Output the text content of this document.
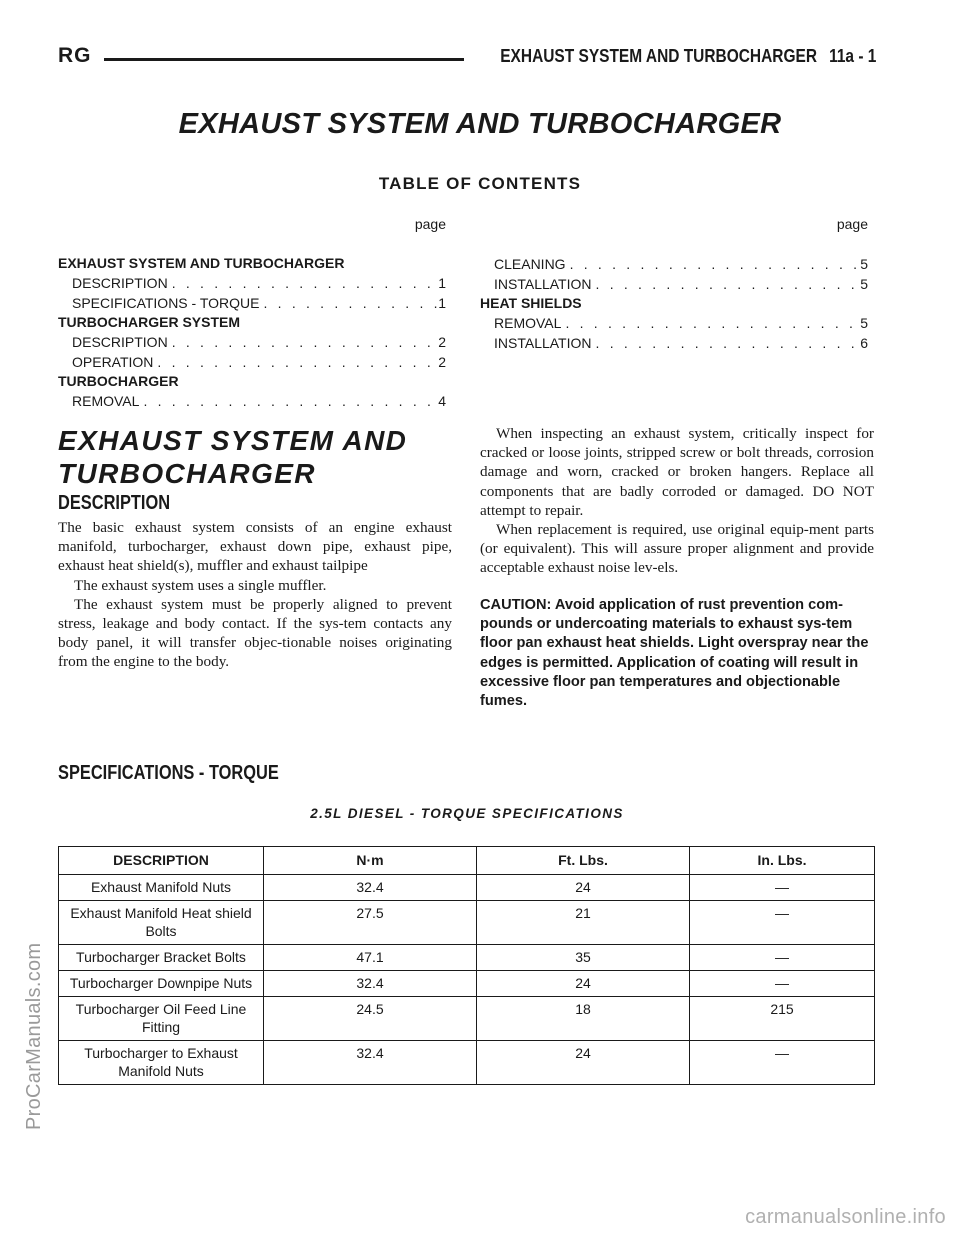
RG	EXHAUST SYSTEM AND TURBOCHARGER 11a - 1
EXHAUST SYSTEM AND TURBOCHARGER
TABLE OF CONTENTS
page
EXHAUST SYSTEM AND TURBOCHARGER
DESCRIPTION . . .	1
SPECIFICATIONS - TORQUE . . .	1
TURBOCHARGER SYSTEM
DESCRIPTION . . .	2
OPERATION . . .	2
TURBOCHARGER
REMOVAL . . .	4
page
CLEANING . . .	5
INSTALLATION . . .	5
HEAT SHIELDS
REMOVAL . . .	5
INSTALLATION . . .	6
EXHAUST SYSTEM AND TURBOCHARGER
DESCRIPTION

The basic exhaust system consists of an engine exhaust manifold, turbocharger, exhaust down pipe, exhaust pipe, exhaust heat shield(s), muffler and exhaust tailpipe

The exhaust system uses a single muffler.

The exhaust system must be properly aligned to prevent stress, leakage and body contact. If the sys-tem contacts any body panel, it will transfer objec-tionable noises originating from the engine to the body.

When inspecting an exhaust system, critically inspect for cracked or loose joints, stripped screw or bolt threads, corrosion damage and worn, cracked or broken hangers. Replace all components that are badly corroded or damaged. DO NOT attempt to repair.

When replacement is required, use original equip-ment parts (or equivalent). This will assure proper alignment and provide acceptable exhaust noise lev-els.

CAUTION: Avoid application of rust prevention com-pounds or undercoating materials to exhaust sys-tem floor pan exhaust heat shields. Light overspray near the edges is permitted. Application of coating will result in excessive floor pan temperatures and objectionable fumes.

SPECIFICATIONS - TORQUE
2.5L DIESEL - TORQUE SPECIFICATIONS
DESCRIPTION	N·m	Ft. Lbs.	In. Lbs.
Exhaust Manifold Nuts	32.4	24	—
Exhaust Manifold Heat shield Bolts	27.5	21	—
Turbocharger Bracket Bolts	47.1	35	—
Turbocharger Downpipe Nuts	32.4	24	—
Turbocharger Oil Feed Line Fitting	24.5	18	215
Turbocharger to Exhaust Manifold Nuts	32.4	24	—
ProCarManuals.com
carmanualsonline.info
